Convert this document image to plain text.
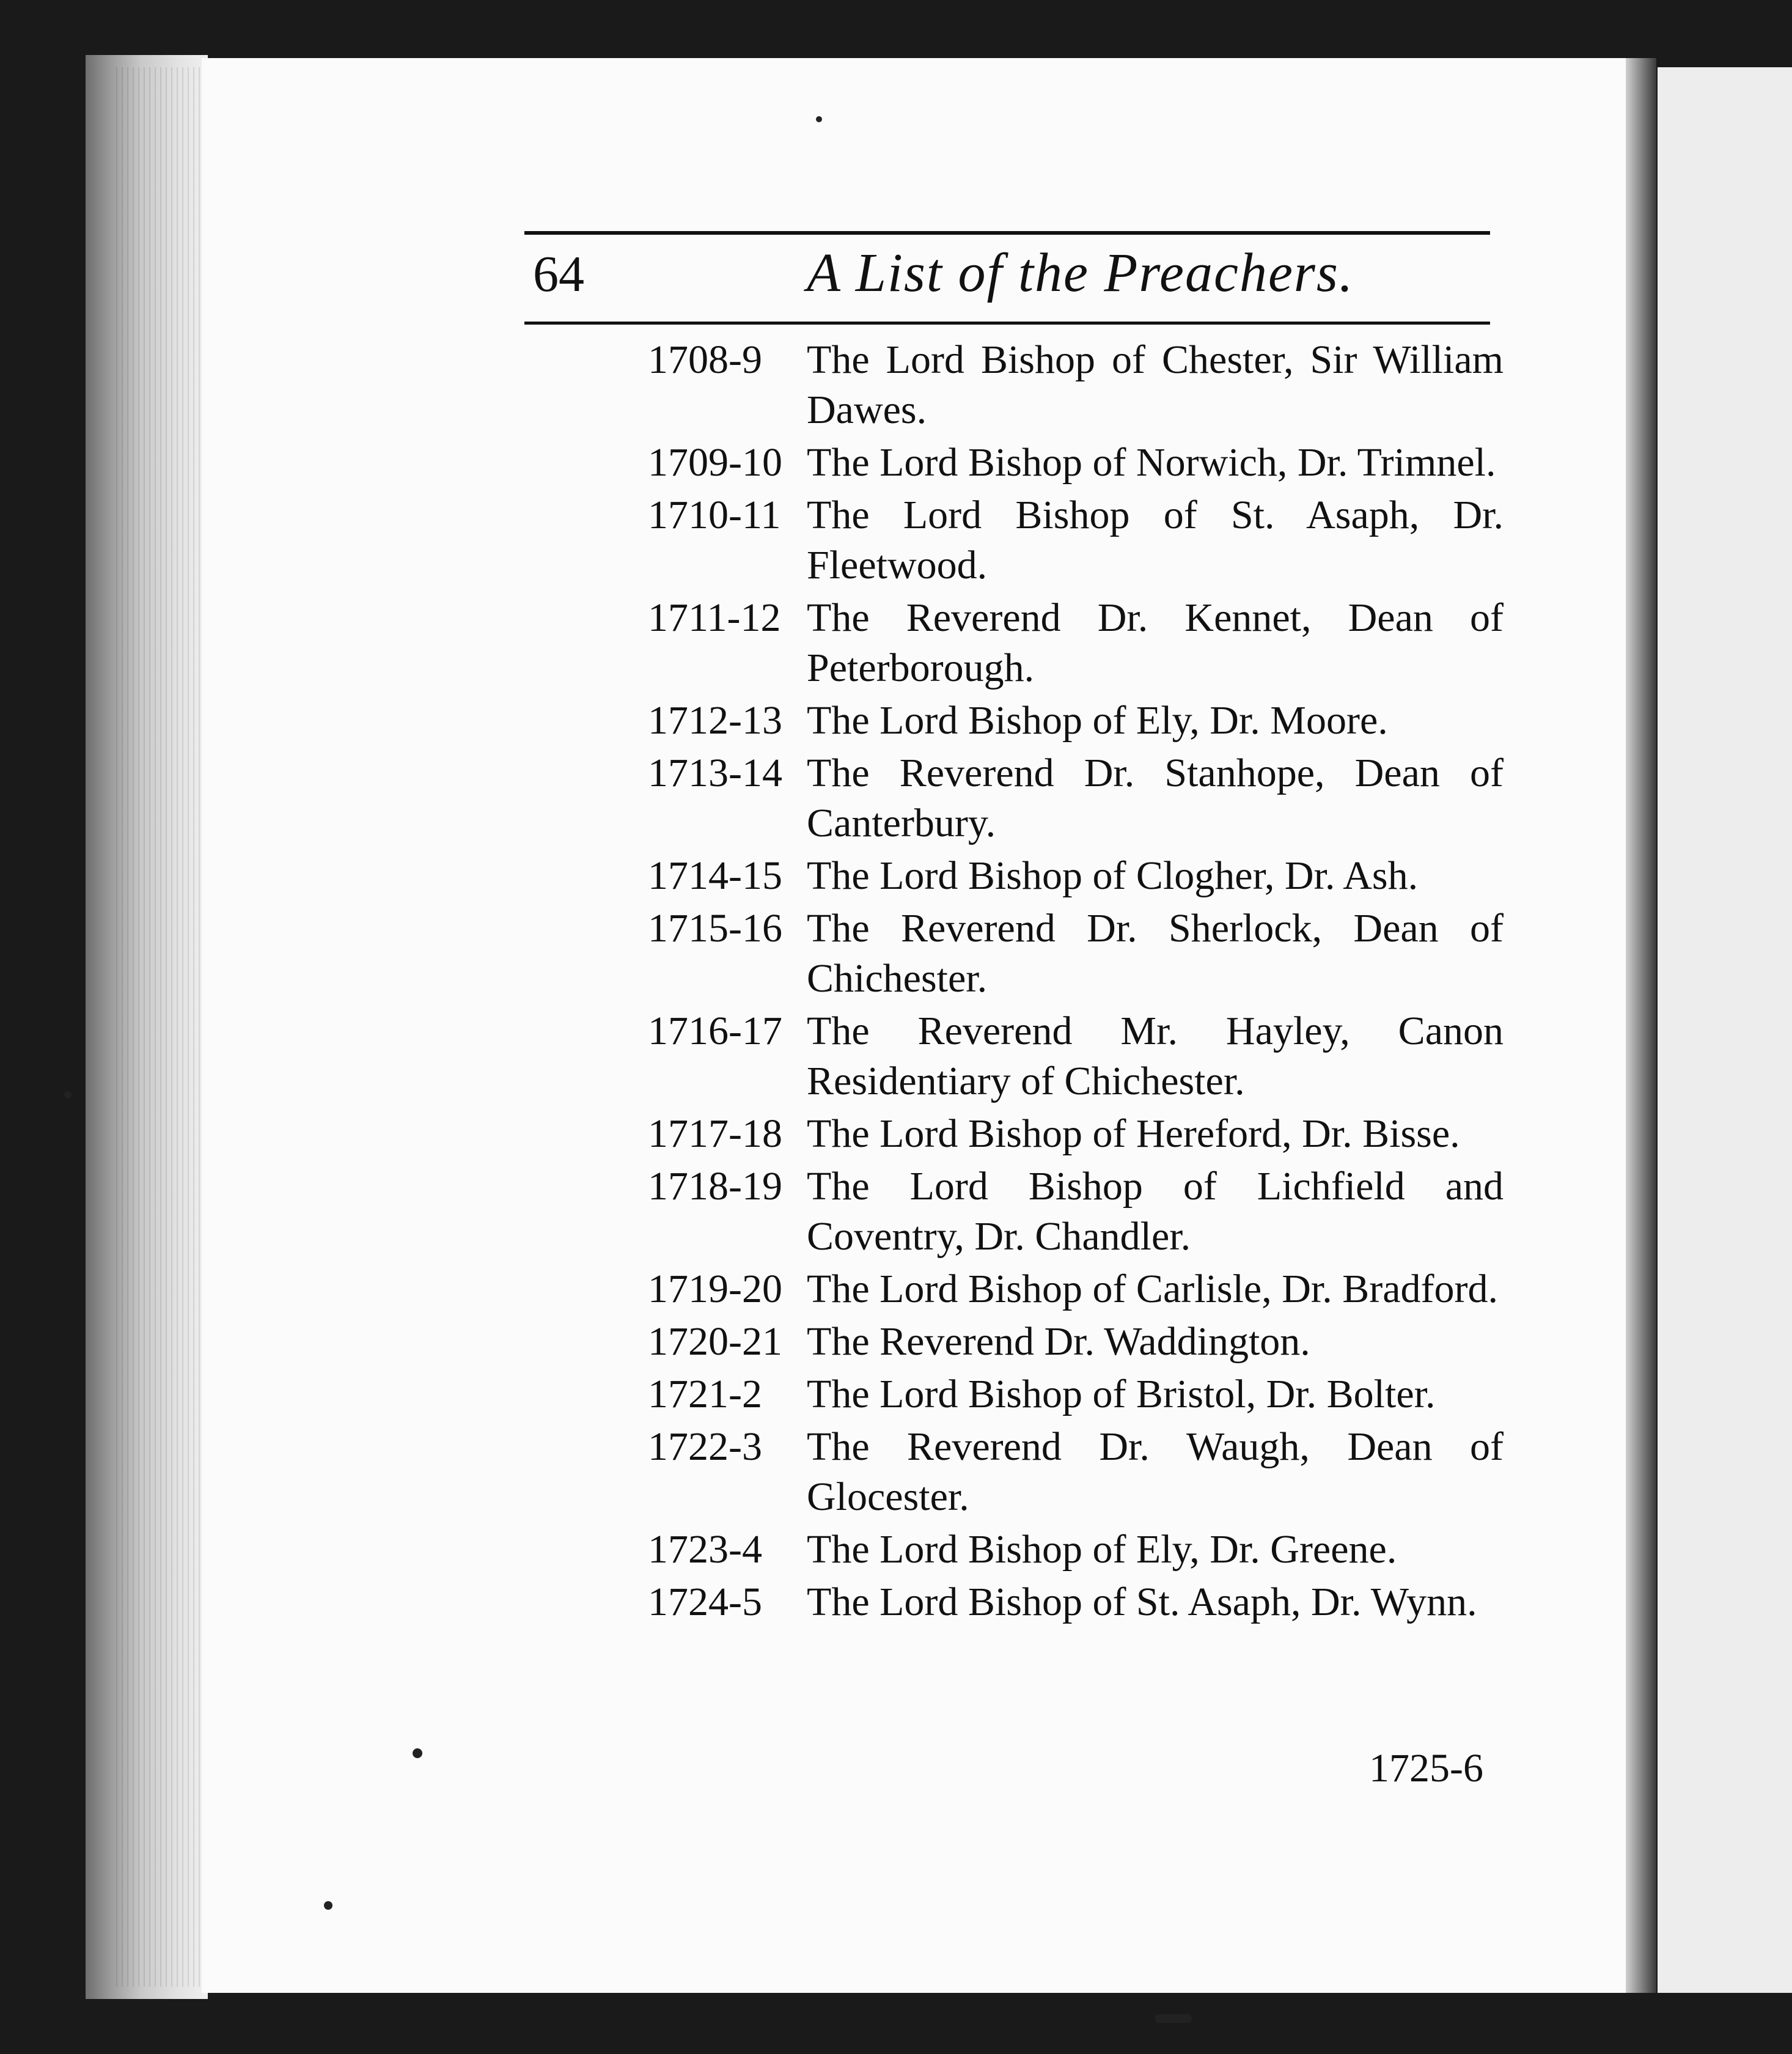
64	A List of the Preachers.
1708-9	The Lord Bishop of Chester, Sir William Dawes.
1709-10 The Lord Bishop of Norwich, Dr. Trimnel.
1710-11 The Lord Bishop of St. Asaph, Dr. Fleetwood.
1711-12 The Reverend Dr. Kennet, Dean of Peterborough.
1712-13 The Lord Bishop of Ely, Dr. Moore.
1713-14 The Reverend Dr. Stanhope, Dean of Canterbury.
1714-15 The Lord Bishop of Clogher, Dr. Ash.
1715-16 The Reverend Dr. Sherlock, Dean of Chichester.
1716-17 The Reverend Mr. Hayley, Canon Residentiary of Chichester.
1717-18 The Lord Bishop of Hereford, Dr. Bisse.
1718-19 The Lord Bishop of Lichfield and Coventry, Dr. Chandler.
1719-20 The Lord Bishop of Carlisle, Dr. Bradford.
1720-21 The Reverend Dr. Waddington.
1721-2	The Lord Bishop of Bristol, Dr. Bolter.
1722-3	The Reverend Dr. Waugh, Dean of Glocester.
1723-4	The Lord Bishop of Ely, Dr. Greene.
1724-5	The Lord Bishop of St. Asaph, Dr. Wynn.
1725-6
